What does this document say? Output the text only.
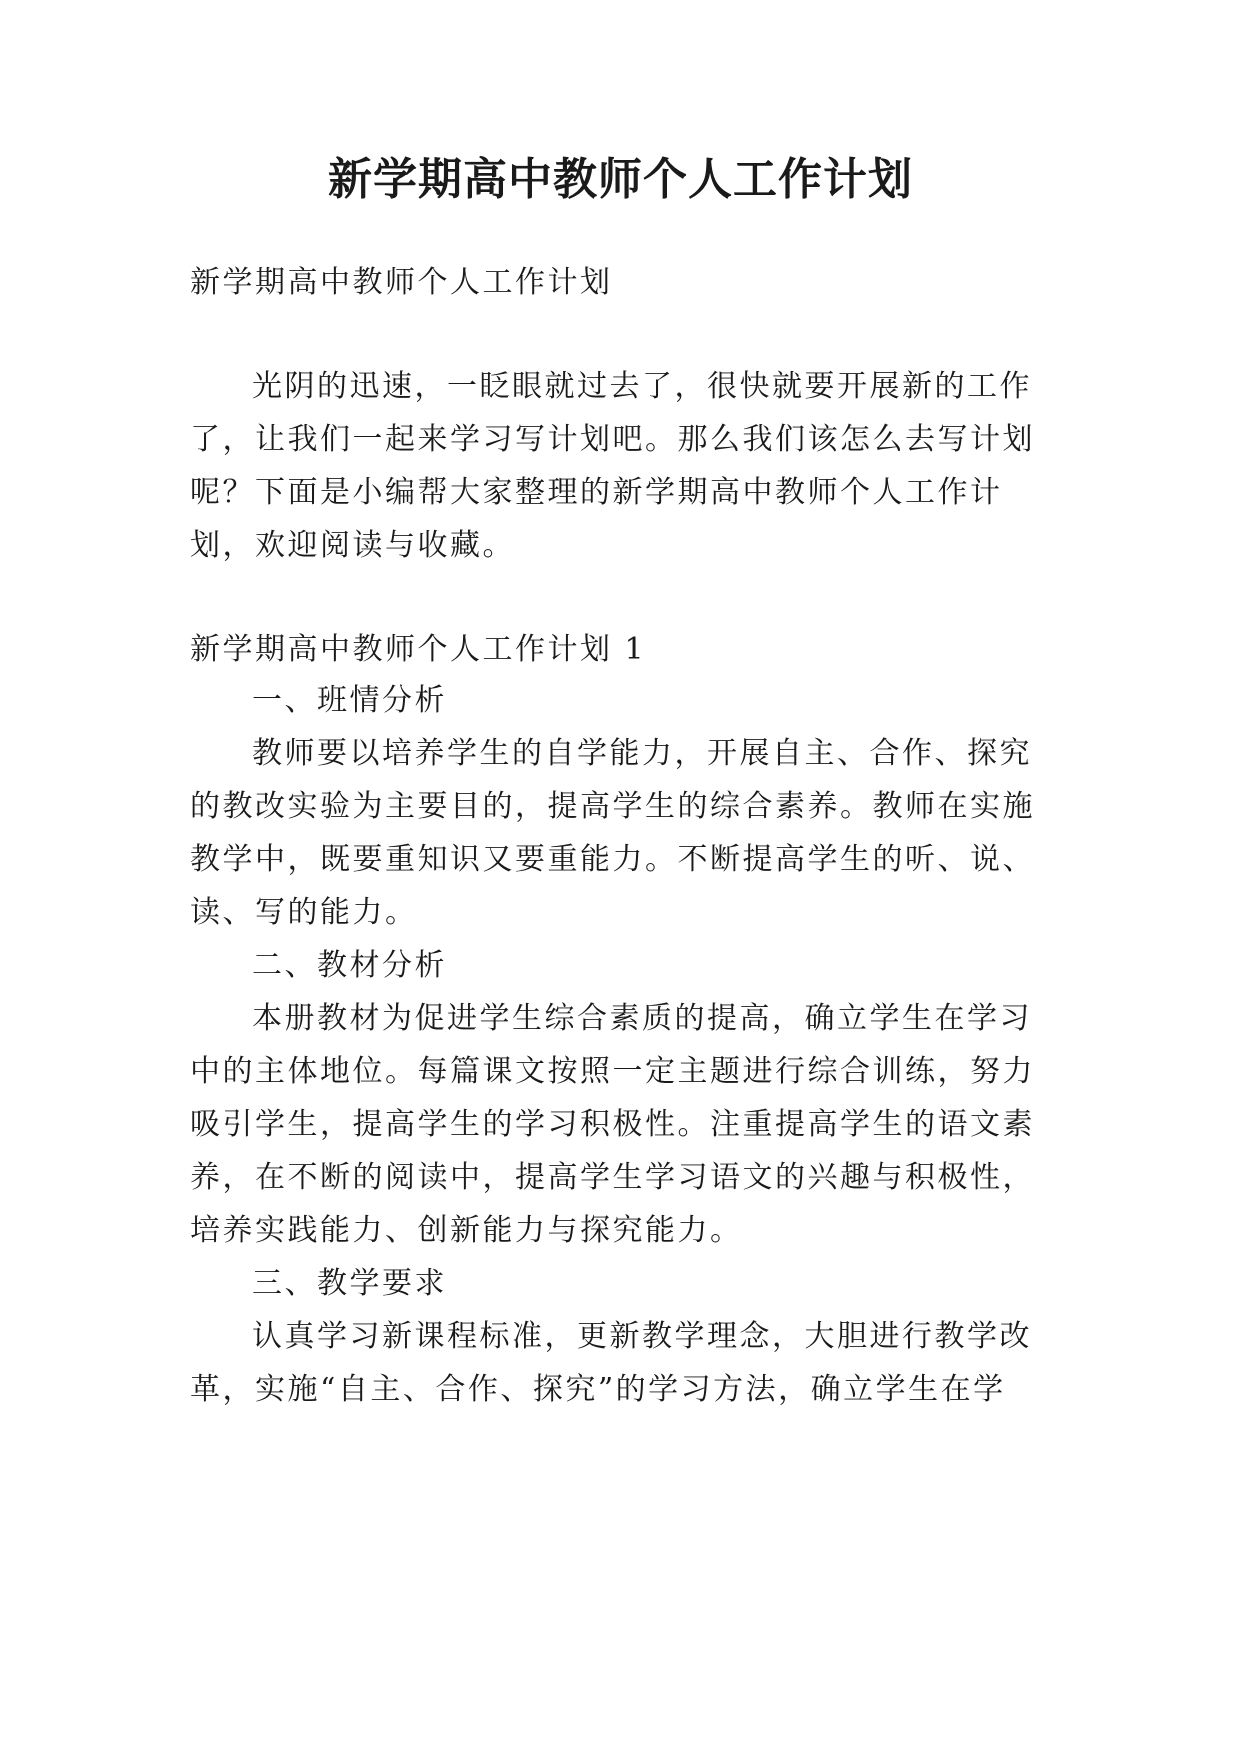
新学期高中教师个人工作计划
新学期高中教师个人工作计划
光阴的迅速，一眨眼就过去了，很快就要开展新的工作
了，让我们一起来学习写计划吧。那么我们该怎么去写计划
呢？下面是小编帮大家整理的新学期高中教师个人工作计
划，欢迎阅读与收藏。
新学期高中教师个人工作计划 1
一、班情分析
教师要以培养学生的自学能力，开展自主、合作、探究
的教改实验为主要目的，提高学生的综合素养。教师在实施
教学中，既要重知识又要重能力。不断提高学生的听、说、
读、写的能力。
二、教材分析
本册教材为促进学生综合素质的提高，确立学生在学习
中的主体地位。每篇课文按照一定主题进行综合训练，努力
吸引学生，提高学生的学习积极性。注重提高学生的语文素
养，在不断的阅读中，提高学生学习语文的兴趣与积极性，
培养实践能力、创新能力与探究能力。
三、教学要求
认真学习新课程标准，更新教学理念，大胆进行教学改
革，实施“自主、合作、探究”的学习方法，确立学生在学
